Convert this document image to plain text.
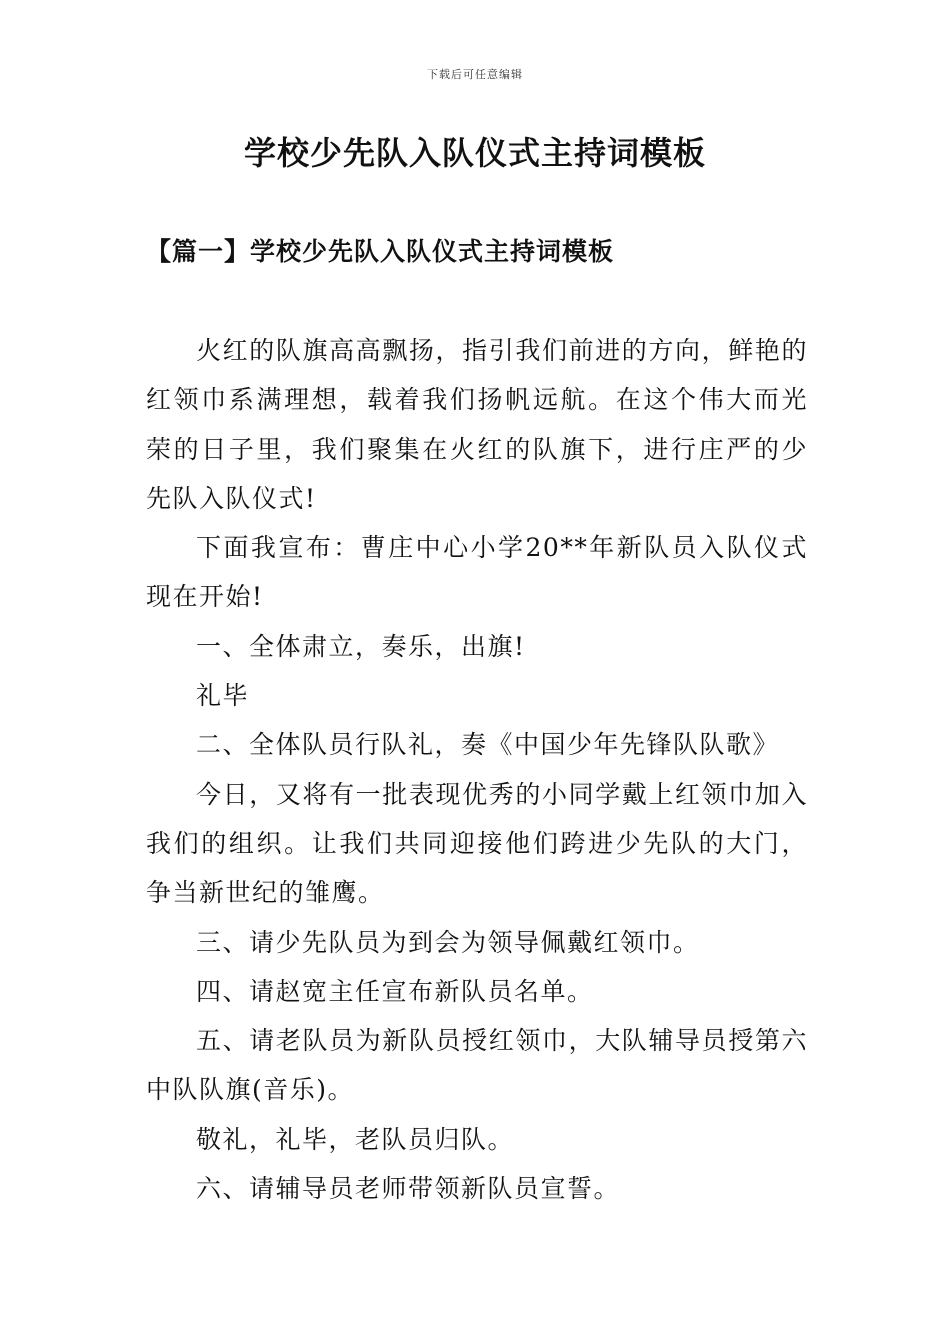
下载后可任意编辑
学校少先队入队仪式主持词模板
【篇一】学校少先队入队仪式主持词模板

火红的队旗高高飘扬，指引我们前进的方向，鲜艳的红领巾系满理想，载着我们扬帆远航。在这个伟大而光荣的日子里，我们聚集在火红的队旗下，进行庄严的少先队入队仪式!

下面我宣布：曹庄中心小学20**年新队员入队仪式现在开始!

一、全体肃立，奏乐，出旗!

礼毕

二、全体队员行队礼，奏《中国少年先锋队队歌》

今日，又将有一批表现优秀的小同学戴上红领巾加入我们的组织。让我们共同迎接他们跨进少先队的大门，争当新世纪的雏鹰。

三、请少先队员为到会为领导佩戴红领巾。

四、请赵宽主任宣布新队员名单。

五、请老队员为新队员授红领巾，大队辅导员授第六中队队旗(音乐)。

敬礼，礼毕，老队员归队。

六、请辅导员老师带领新队员宣誓。
